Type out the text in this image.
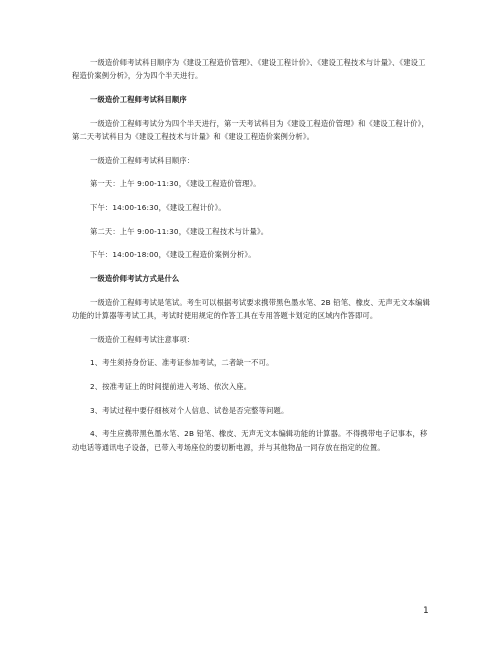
一级造价师考试科目顺序为《建设工程造价管理》、《建设工程计价》、《建设工程技术与计量》、《建设工程造价案例分析》，分为四个半天进行。

一级造价工程师考试科目顺序

一级造价工程师考试分为四个半天进行，第一天考试科目为《建设工程造价管理》和《建设工程计价》，第二天考试科目为《建设工程技术与计量》和《建设工程造价案例分析》。

一级造价工程师考试科目顺序：

第一天：上午 9:00-11:30，《建设工程造价管理》。

下午：14:00-16:30，《建设工程计价》。

第二天：上午 9:00-11:30，《建设工程技术与计量》。

下午：14:00-18:00，《建设工程造价案例分析》。

一级造价师考试方式是什么

一级造价工程师考试是笔试。考生可以根据考试要求携带黑色墨水笔、2B 铅笔、橡皮、无声无文本编辑功能的计算器等考试工具，考试时使用规定的作答工具在专用答题卡划定的区域内作答即可。

一级造价工程师考试注意事项：

1、考生须持身份证、准考证参加考试，二者缺一不可。

2、按准考证上的时间提前进入考场、依次入座。

3、考试过程中要仔细核对个人信息、试卷是否完整等问题。

4、考生应携带黑色墨水笔、2B 铅笔、橡皮、无声无文本编辑功能的计算器。不得携带电子记事本，移动电话等通讯电子设备，已带入考场座位的要切断电源，并与其他物品一同存放在指定的位置。

1
